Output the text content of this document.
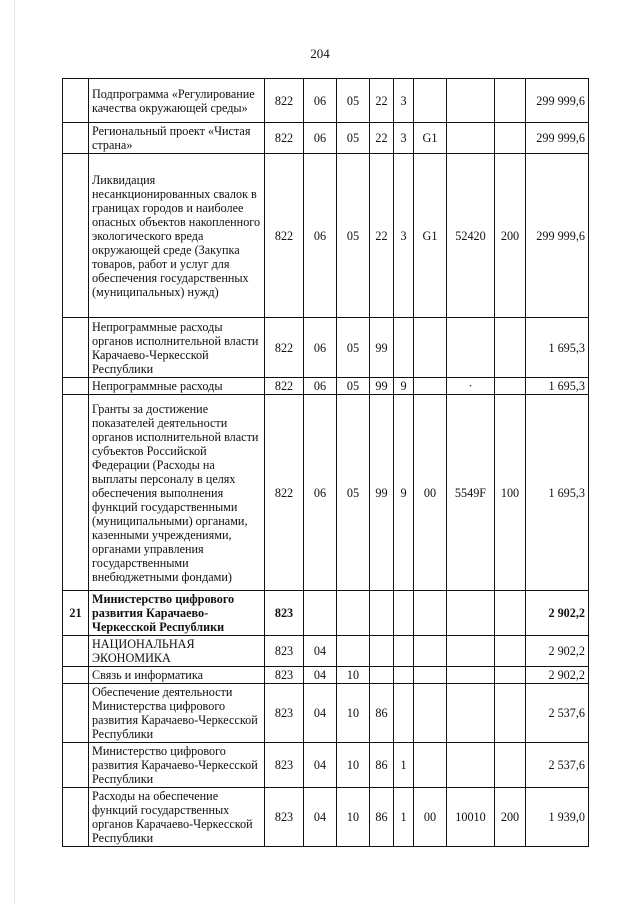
204
	Подпрограмма «Регулирование качества окружающей среды»	822	06	05	22	3				299 999,6
	Региональный проект «Чистая страна»	822	06	05	22	3	G1			299 999,6
	Ликвидация несанкционированных свалок в границах городов и наиболее опасных объектов накопленного экологического вреда окружающей среде (Закупка товаров, работ и услуг для обеспечения государственных (муниципальных) нужд)	822	06	05	22	3	G1	52420	200	299 999,6
	Непрограммные расходы органов исполнительной власти Карачаево-Черкесской Республики	822	06	05	99					1 695,3
	Непрограммные расходы	822	06	05	99	9		·		1 695,3
	Гранты за достижение показателей деятельности органов исполнительной власти субъектов Российской Федерации (Расходы на выплаты персоналу в целях обеспечения выполнения функций государственными (муниципальными) органами, казенными учреждениями, органами управления государственными внебюджетными фондами)	822	06	05	99	9	00	5549F	100	1 695,3
21	Министерство цифрового развития Карачаево-Черкесской Республики	823								2 902,2
	НАЦИОНАЛЬНАЯ ЭКОНОМИКА	823	04							2 902,2
	Связь и информатика	823	04	10						2 902,2
	Обеспечение деятельности Министерства цифрового развития Карачаево-Черкесской Республики	823	04	10	86					2 537,6
	Министерство цифрового развития Карачаево-Черкесской Республики	823	04	10	86	1				2 537,6
	Расходы на обеспечение функций государственных органов Карачаево-Черкесской Республики	823	04	10	86	1	00	10010	200	1 939,0
